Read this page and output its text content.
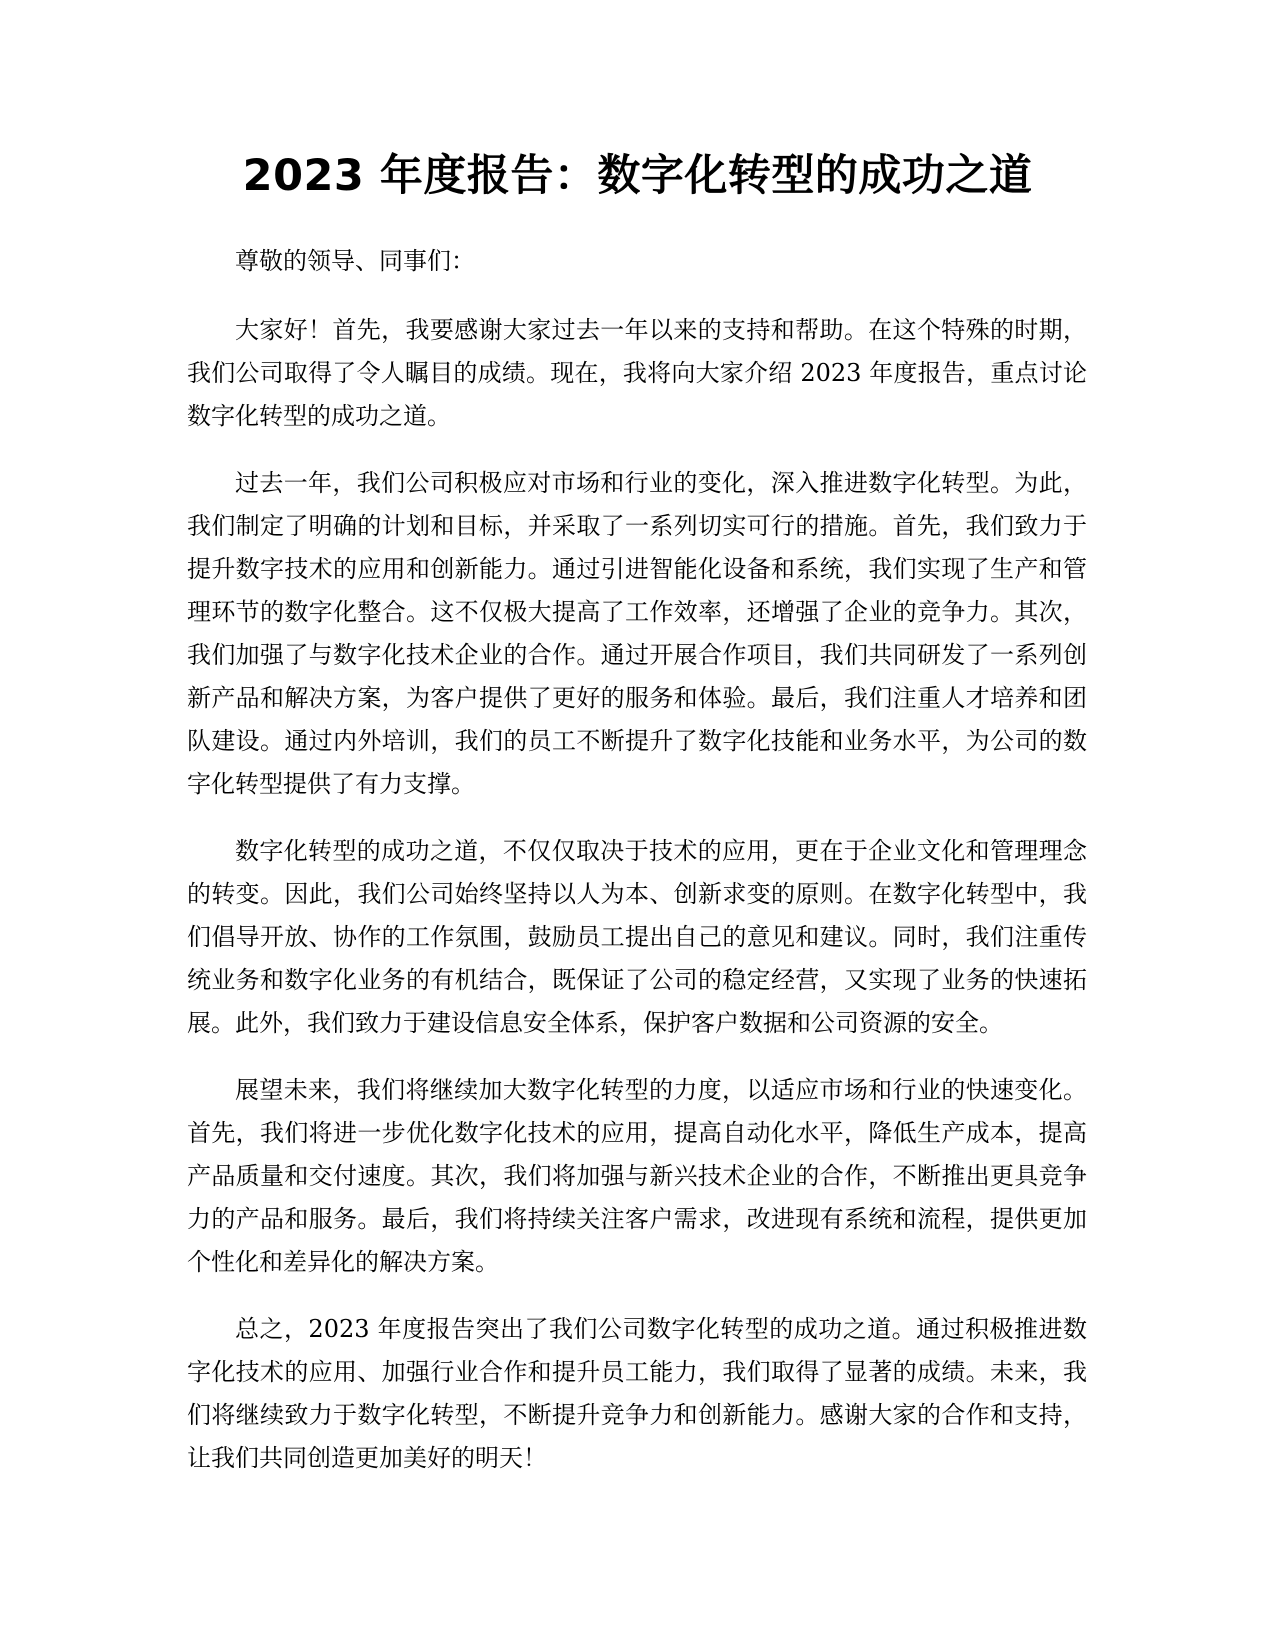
2023 年度报告：数字化转型的成功之道

尊敬的领导、同事们：

大家好！首先，我要感谢大家过去一年以来的支持和帮助。在这个特殊的时期，我们公司取得了令人瞩目的成绩。现在，我将向大家介绍 2023 年度报告，重点讨论数字化转型的成功之道。

过去一年，我们公司积极应对市场和行业的变化，深入推进数字化转型。为此，我们制定了明确的计划和目标，并采取了一系列切实可行的措施。首先，我们致力于提升数字技术的应用和创新能力。通过引进智能化设备和系统，我们实现了生产和管理环节的数字化整合。这不仅极大提高了工作效率，还增强了企业的竞争力。其次，我们加强了与数字化技术企业的合作。通过开展合作项目，我们共同研发了一系列创新产品和解决方案，为客户提供了更好的服务和体验。最后，我们注重人才培养和团队建设。通过内外培训，我们的员工不断提升了数字化技能和业务水平，为公司的数字化转型提供了有力支撑。

数字化转型的成功之道，不仅仅取决于技术的应用，更在于企业文化和管理理念的转变。因此，我们公司始终坚持以人为本、创新求变的原则。在数字化转型中，我们倡导开放、协作的工作氛围，鼓励员工提出自己的意见和建议。同时，我们注重传统业务和数字化业务的有机结合，既保证了公司的稳定经营，又实现了业务的快速拓展。此外，我们致力于建设信息安全体系，保护客户数据和公司资源的安全。

展望未来，我们将继续加大数字化转型的力度，以适应市场和行业的快速变化。首先，我们将进一步优化数字化技术的应用，提高自动化水平，降低生产成本，提高产品质量和交付速度。其次，我们将加强与新兴技术企业的合作，不断推出更具竞争力的产品和服务。最后，我们将持续关注客户需求，改进现有系统和流程，提供更加个性化和差异化的解决方案。

总之，2023 年度报告突出了我们公司数字化转型的成功之道。通过积极推进数字化技术的应用、加强行业合作和提升员工能力，我们取得了显著的成绩。未来，我们将继续致力于数字化转型，不断提升竞争力和创新能力。感谢大家的合作和支持，让我们共同创造更加美好的明天！
